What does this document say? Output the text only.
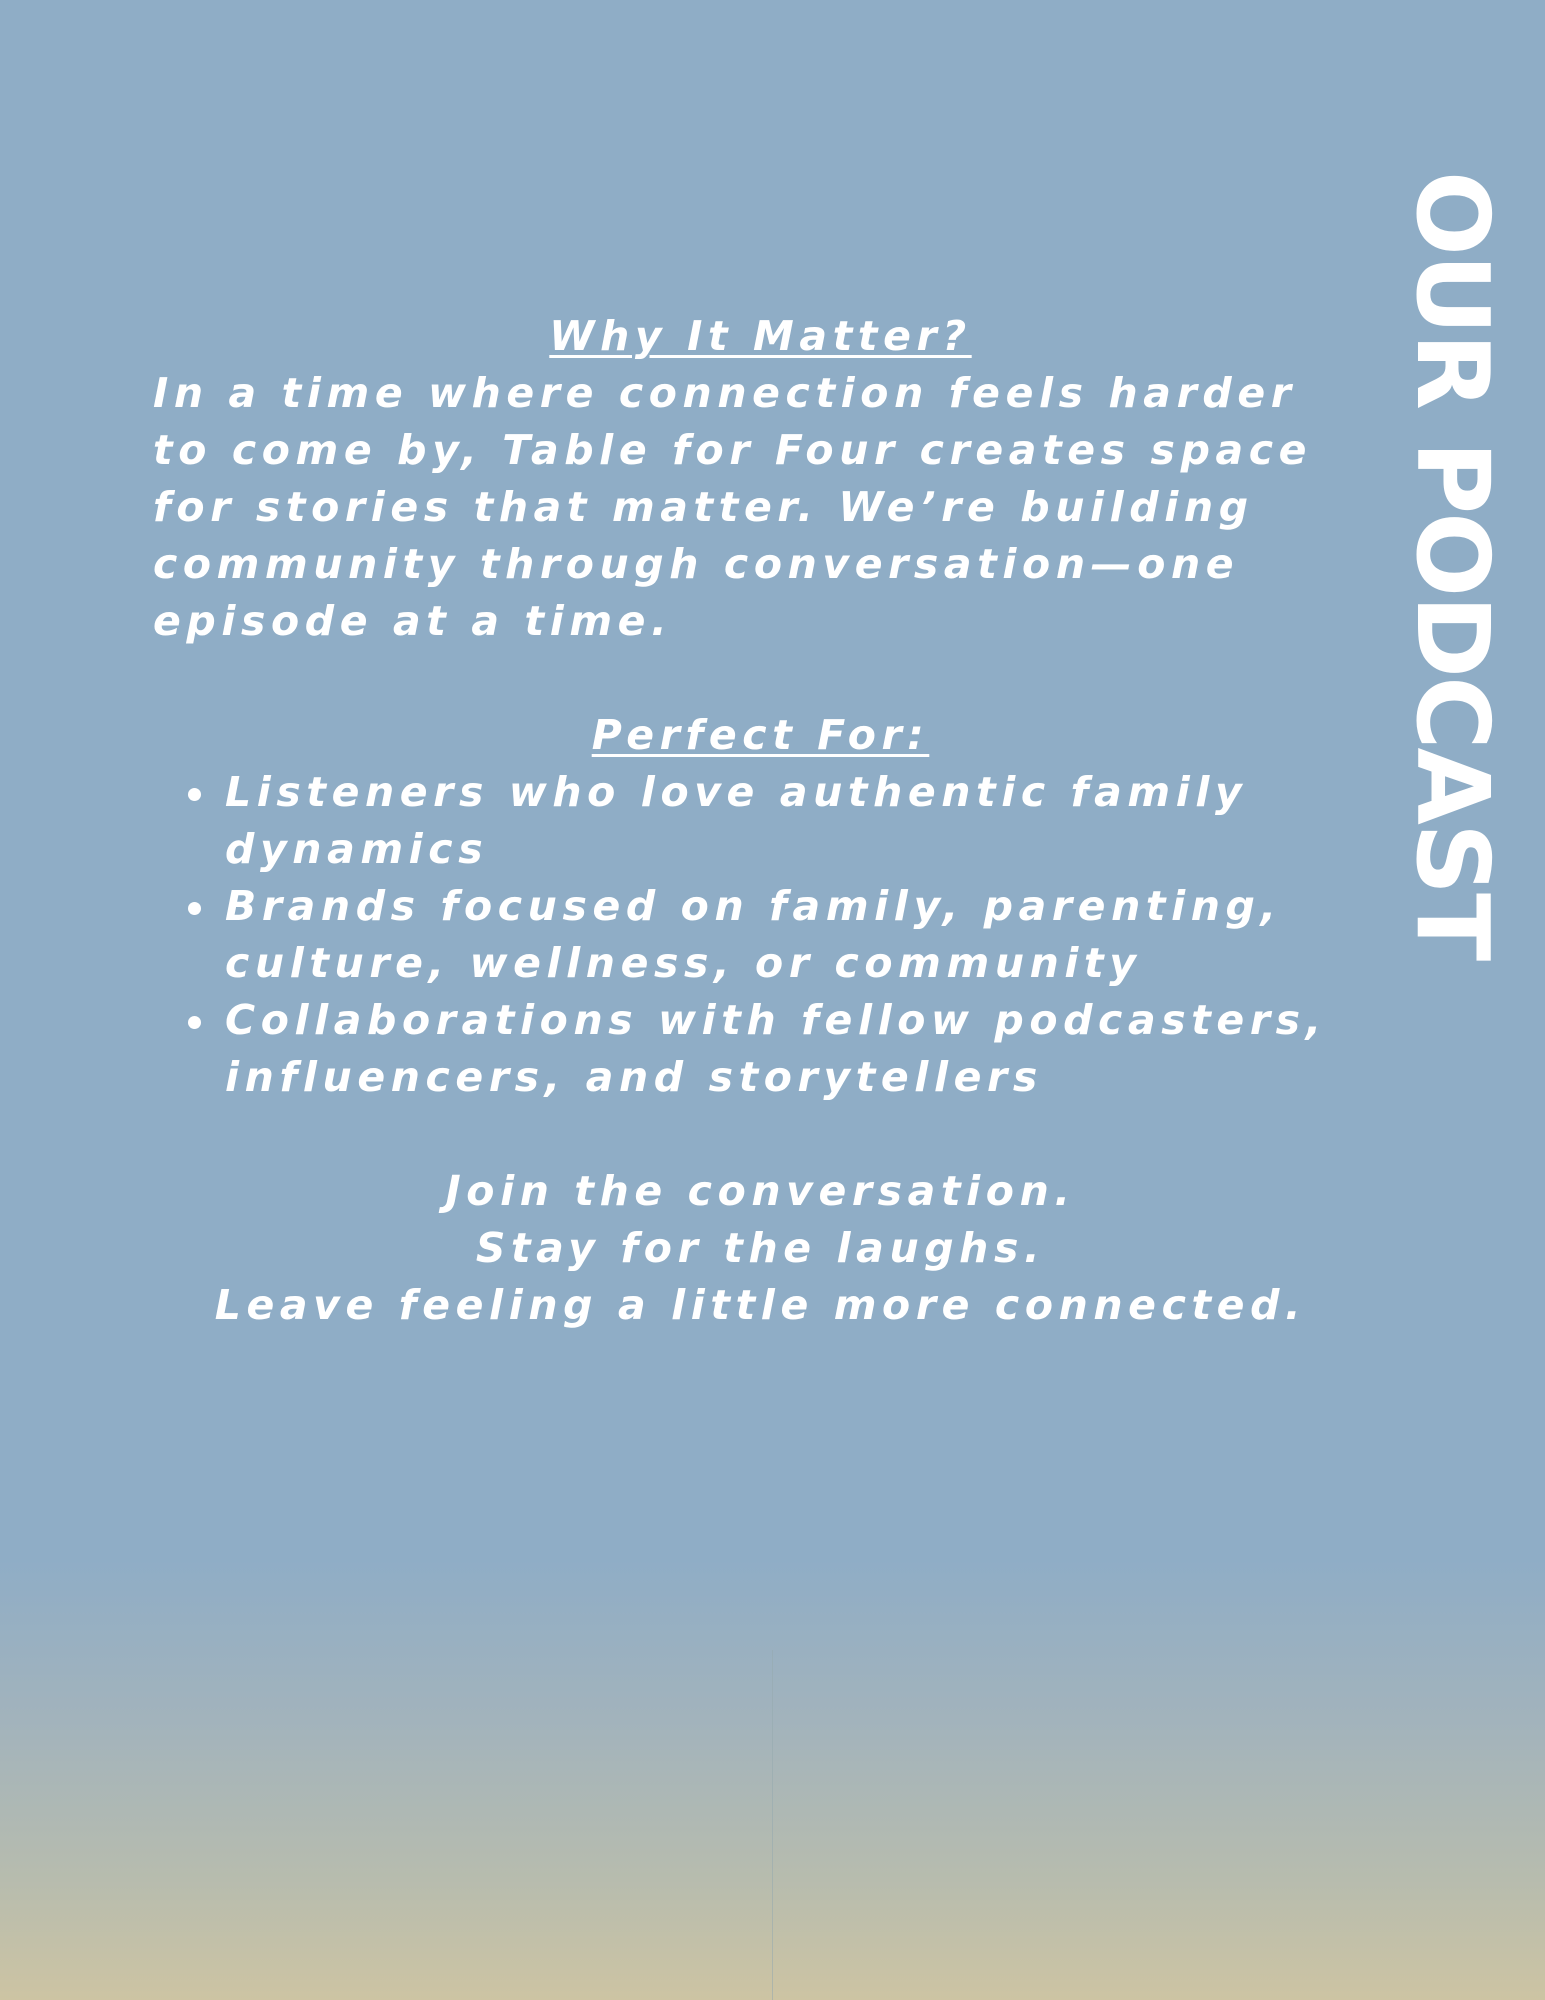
OUR PODCAST
Why It Matter?

In a time where connection feels harder to come by, Table for Four creates space for stories that matter. We’re building community through conversation—one episode at a time.

Perfect For:
Listeners who love authentic family dynamics
Brands focused on family, parenting, culture, wellness, or community
Collaborations with fellow podcasters, influencers, and storytellers

Join the conversation.

Stay for the laughs.

Leave feeling a little more connected.
